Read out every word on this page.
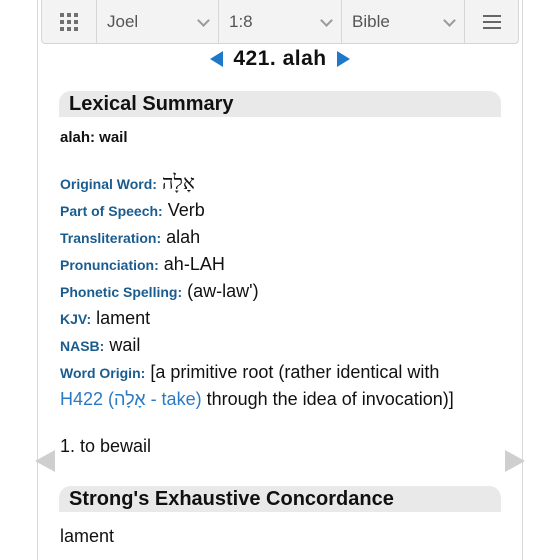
Joel	1:8	Bible
421. alah
Lexical Summary
alah: wail
Original Word: אָלָה
Part of Speech: Verb
Transliteration: alah
Pronunciation: ah-LAH
Phonetic Spelling: (aw-law')
KJV: lament
NASB: wail
Word Origin: [a primitive root (rather identical with
H422 (אָלָה - take) through the idea of invocation)]
1. to bewail
Strong's Exhaustive Concordance
lament
